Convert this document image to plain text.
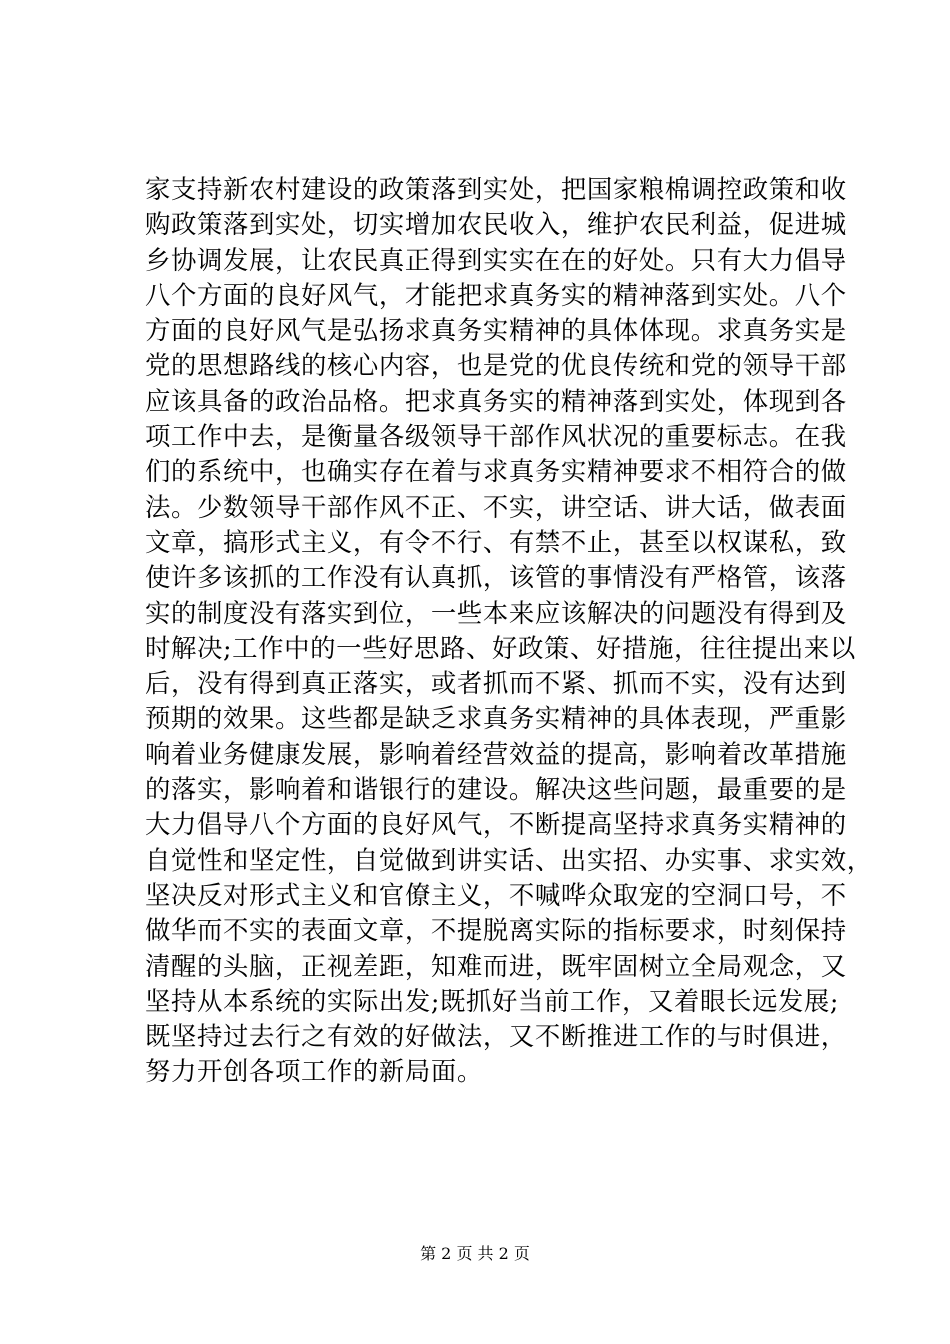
家支持新农村建设的政策落到实处，把国家粮棉调控政策和收
购政策落到实处，切实增加农民收入，维护农民利益，促进城
乡协调发展，让农民真正得到实实在在的好处。只有大力倡导
八个方面的良好风气，才能把求真务实的精神落到实处。八个
方面的良好风气是弘扬求真务实精神的具体体现。求真务实是
党的思想路线的核心内容，也是党的优良传统和党的领导干部
应该具备的政治品格。把求真务实的精神落到实处，体现到各
项工作中去，是衡量各级领导干部作风状况的重要标志。在我
们的系统中，也确实存在着与求真务实精神要求不相符合的做
法。少数领导干部作风不正、不实，讲空话、讲大话，做表面
文章，搞形式主义，有令不行、有禁不止，甚至以权谋私，致
使许多该抓的工作没有认真抓，该管的事情没有严格管，该落
实的制度没有落实到位，一些本来应该解决的问题没有得到及
时解决;工作中的一些好思路、好政策、好措施，往往提出来以
后，没有得到真正落实，或者抓而不紧、抓而不实，没有达到
预期的效果。这些都是缺乏求真务实精神的具体表现，严重影
响着业务健康发展，影响着经营效益的提高，影响着改革措施
的落实，影响着和谐银行的建设。解决这些问题，最重要的是
大力倡导八个方面的良好风气，不断提高坚持求真务实精神的
自觉性和坚定性，自觉做到讲实话、出实招、办实事、求实效，
坚决反对形式主义和官僚主义，不喊哗众取宠的空洞口号，不
做华而不实的表面文章，不提脱离实际的指标要求，时刻保持
清醒的头脑，正视差距，知难而进，既牢固树立全局观念，又
坚持从本系统的实际出发;既抓好当前工作，又着眼长远发展;
既坚持过去行之有效的好做法，又不断推进工作的与时俱进，
努力开创各项工作的新局面。
第 2 页 共 2 页
